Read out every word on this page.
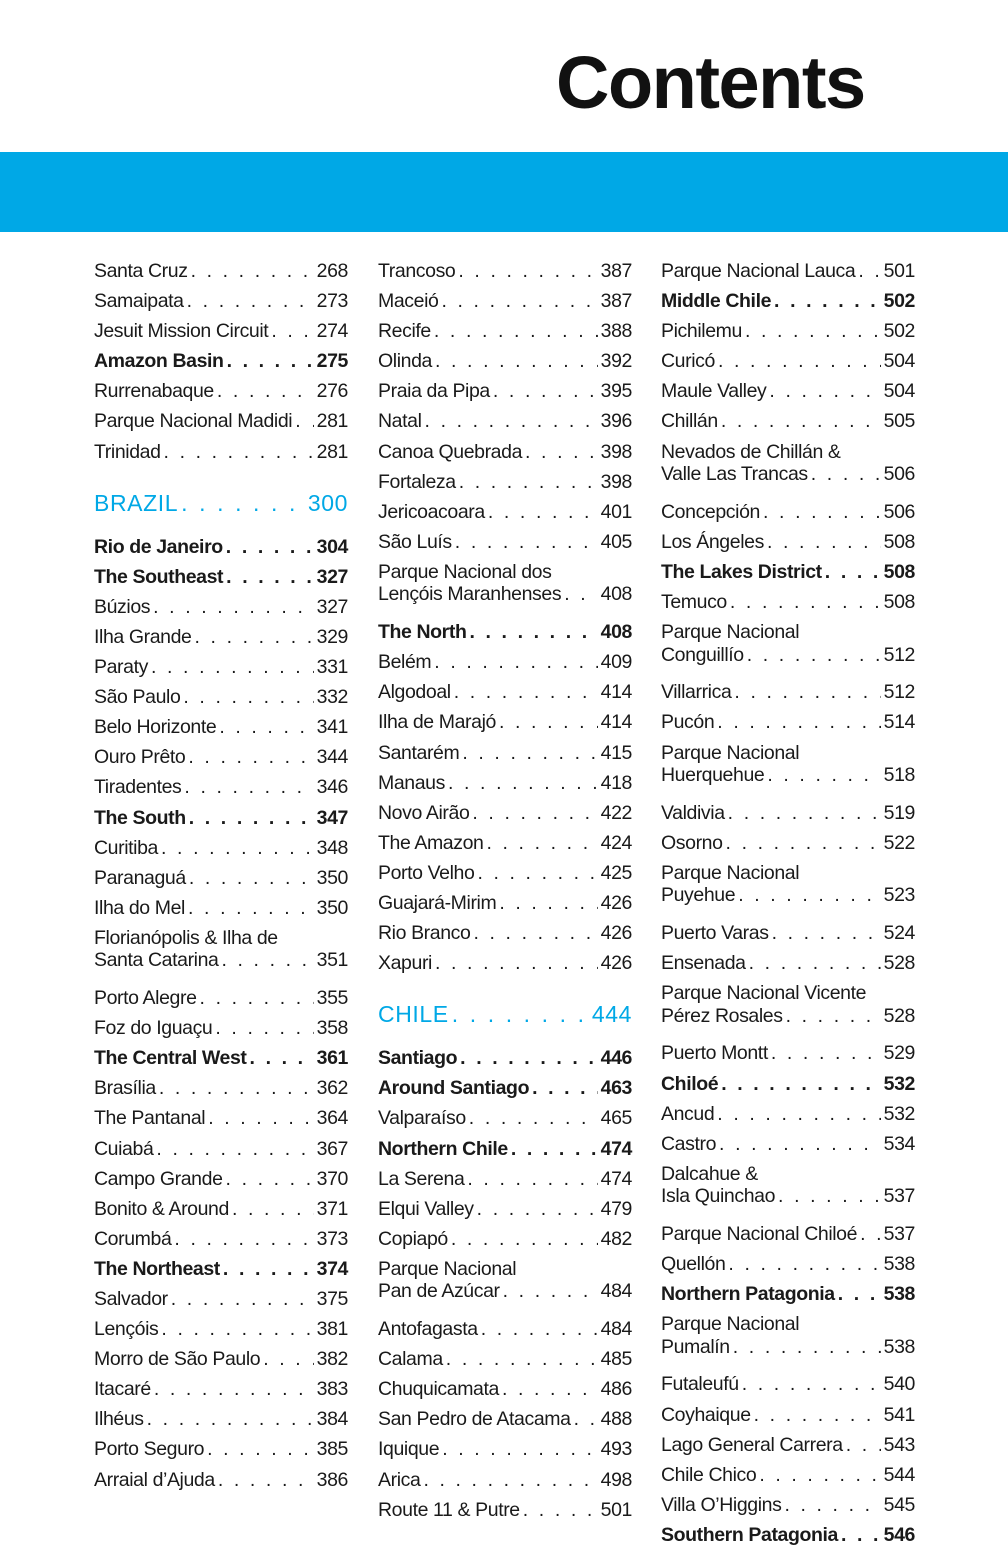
Contents
Santa Cruz . . .	268
Samaipata . . .	273
Jesuit Mission Circuit . . . 274
Amazon Basin . . .	275
Rurrenabaque . . .	276
Parque Nacional Madidi . . . 281
Trinidad . . .	281
BRAZIL . . .	300
Rio de Janeiro . . .	304
The Southeast . . .	327
Búzios . . .	327
Ilha Grande . . .	329
Paraty . . .	331
São Paulo . . .	332
Belo Horizonte . . .	341
Ouro Prêto . . .	344
Tiradentes . . .	346
The South . . .	347
Curitiba . . .	348
Paranaguá . . .	350
Ilha do Mel . . .	350
Florianópolis & Ilha de
Santa Catarina . . .	351
Porto Alegre . . .	355
Foz do Iguaçu . . .	358
The Central West . . .	361
Brasília . . .	362
The Pantanal . . .	364
Cuiabá . . .	367
Campo Grande . . .	370
Bonito & Around . . .	371
Corumbá . . .	373
The Northeast . . .	374
Salvador . . .	375
Lençóis . . .	381
Morro de São Paulo . . .	382
Itacaré . . .	383
Ilhéus . . .	384
Porto Seguro . . .	385
Arraial d’Ajuda . . .	386
Trancoso . . .	387
Maceió . . .	387
Recife . . .	388
Olinda . . .	392
Praia da Pipa . . .	395
Natal . . .	396
Canoa Quebrada . . .	398
Fortaleza . . .	398
Jericoacoara . . .	401
São Luís . . .	405
Parque Nacional dos
Lençóis Maranhenses . . . 408
The North . . .	408
Belém . . .	409
Algodoal . . .	414
Ilha de Marajó . . .	414
Santarém . . .	415
Manaus . . .	418
Novo Airão . . .	422
The Amazon . . .	424
Porto Velho . . .	425
Guajará-Mirim . . .	426
Rio Branco . . .	426
Xapuri . . .	426
CHILE . . .	444
Santiago . . .	446
Around Santiago . . .	463
Valparaíso . . .	465
Northern Chile . . .	474
La Serena . . .	474
Elqui Valley . . .	479
Copiapó . . .	482
Parque Nacional
Pan de Azúcar . . .	484
Antofagasta . . .	484
Calama . . .	485
Chuquicamata . . .	486
San Pedro de Atacama . . . 488
Iquique . . .	493
Arica . . .	498
Route 11 & Putre . . .	501
Parque Nacional Lauca . . . 501
Middle Chile . . .	502
Pichilemu . . .	502
Curicó . . .	504
Maule Valley . . .	504
Chillán . . .	505
Nevados de Chillán &
Valle Las Trancas . . .	506
Concepción . . .	506
Los Ángeles . . .	508
The Lakes District . . .	508
Temuco . . .	508
Parque Nacional
Conguillío . . .	512
Villarrica . . .	512
Pucón . . .	514
Parque Nacional
Huerquehue . . .	518
Valdivia . . .	519
Osorno . . .	522
Parque Nacional
Puyehue . . .	523
Puerto Varas . . .	524
Ensenada . . .	528
Parque Nacional Vicente
Pérez Rosales . . .	528
Puerto Montt . . .	529
Chiloé . . .	532
Ancud . . .	532
Castro . . .	534
Dalcahue &
Isla Quinchao . . .	537
Parque Nacional Chiloé . . . 537
Quellón . . .	538
Northern Patagonia . . .	538
Parque Nacional
Pumalín . . .	538
Futaleufú . . .	540
Coyhaique . . .	541
Lago General Carrera . . . 543
Chile Chico . . .	544
Villa O’Higgins . . .	545
Southern Patagonia . . . 546
